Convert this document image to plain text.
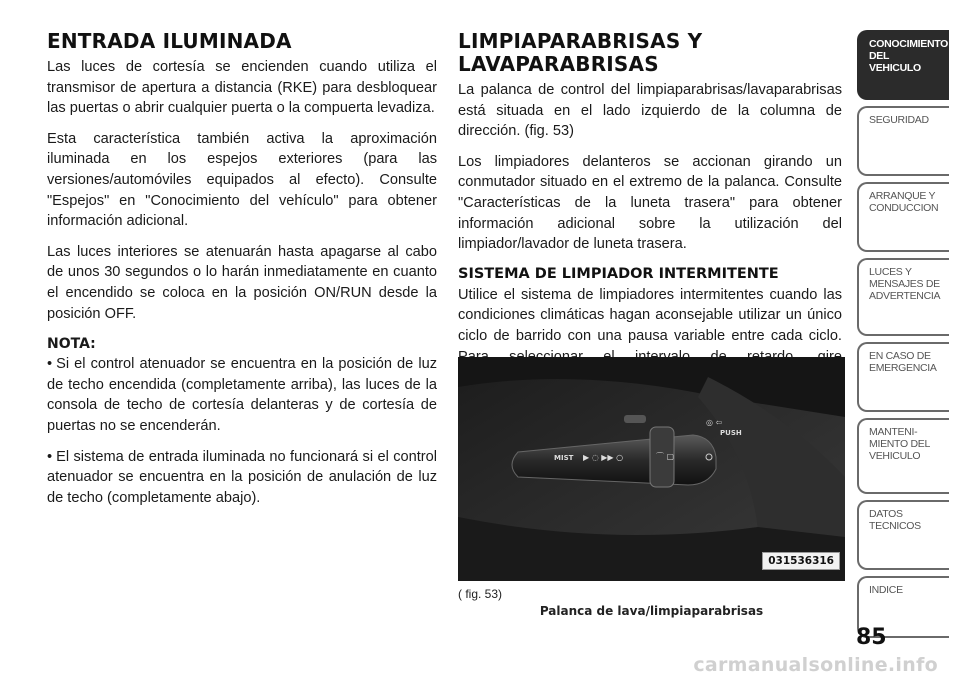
ENTRADA ILUMINADA

Las luces de cortesía se encienden cuando utiliza el transmisor de apertura a distancia (RKE) para desbloquear las puertas o abrir cualquier puerta o la compuerta levadiza.

Esta característica también activa la aproximación iluminada en los espejos exteriores (para las versiones/automóviles equipados al efecto). Consulte "Espejos" en "Conocimiento del vehículo" para obtener información adicional.

Las luces interiores se atenuarán hasta apagarse al cabo de unos 30 segundos o lo harán inmediatamente en cuanto el encendido se coloca en la posición ON/RUN desde la posición OFF.

NOTA:

• Si el control atenuador se encuentra en la posición de luz de techo encendida (completamente arriba), las luces de la consola de techo de cortesía delanteras y de cortesía de puertas no se encenderán.

• El sistema de entrada iluminada no funcionará si el control atenuador se encuentra en la posición de anulación de luz de techo (completamente abajo).

LIMPIAPARABRISAS Y
LAVAPARABRISAS

La palanca de control del limpiaparabrisas/lavaparabrisas está situada en el lado izquierdo de la columna de dirección. (fig. 53)

Los limpiadores delanteros se accionan girando un conmutador situado en el extremo de la palanca. Consulte "Características de la luneta trasera" para obtener información adicional sobre la utilización del limpiador/lavador de luneta trasera.

SISTEMA DE LIMPIADOR INTERMITENTE

Utilice el sistema de limpiadores intermitentes cuando las condiciones climáticas hagan aconsejable utilizar un único ciclo de barrido con una pausa variable entre cada ciclo.

MIST ▶ ◌ ▶▶ ○	⌒ ▢
PUSH
◎ ⇦
031536316
( fig. 53)
Palanca de lava/limpiaparabrisas
CONOCIMIENTO
DEL VEHICULO
SEGURIDAD
ARRANQUE Y
CONDUCCION
LUCES Y
MENSAJES DE
ADVERTENCIA
EN CASO DE
EMERGENCIA
MANTENI-
MIENTO DEL
VEHICULO
DATOS
TECNICOS
INDICE
85
carmanualsonline.info
